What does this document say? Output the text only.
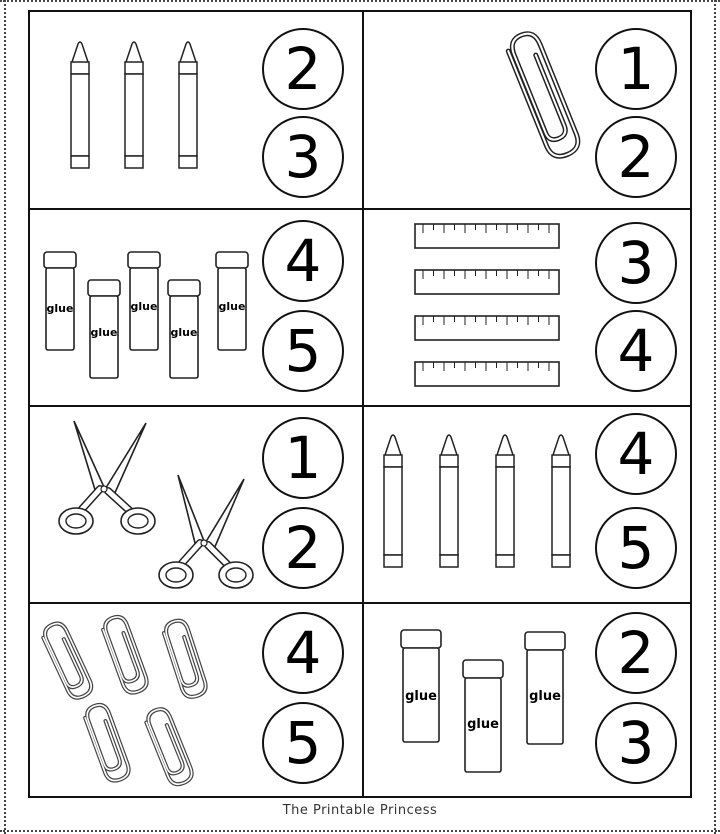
2
3
1
2
glue
glue
glue
glue
glue
4
5
3
4
1
2
4
5
4
5
glue
glue
glue
2
3
The Printable Princess
